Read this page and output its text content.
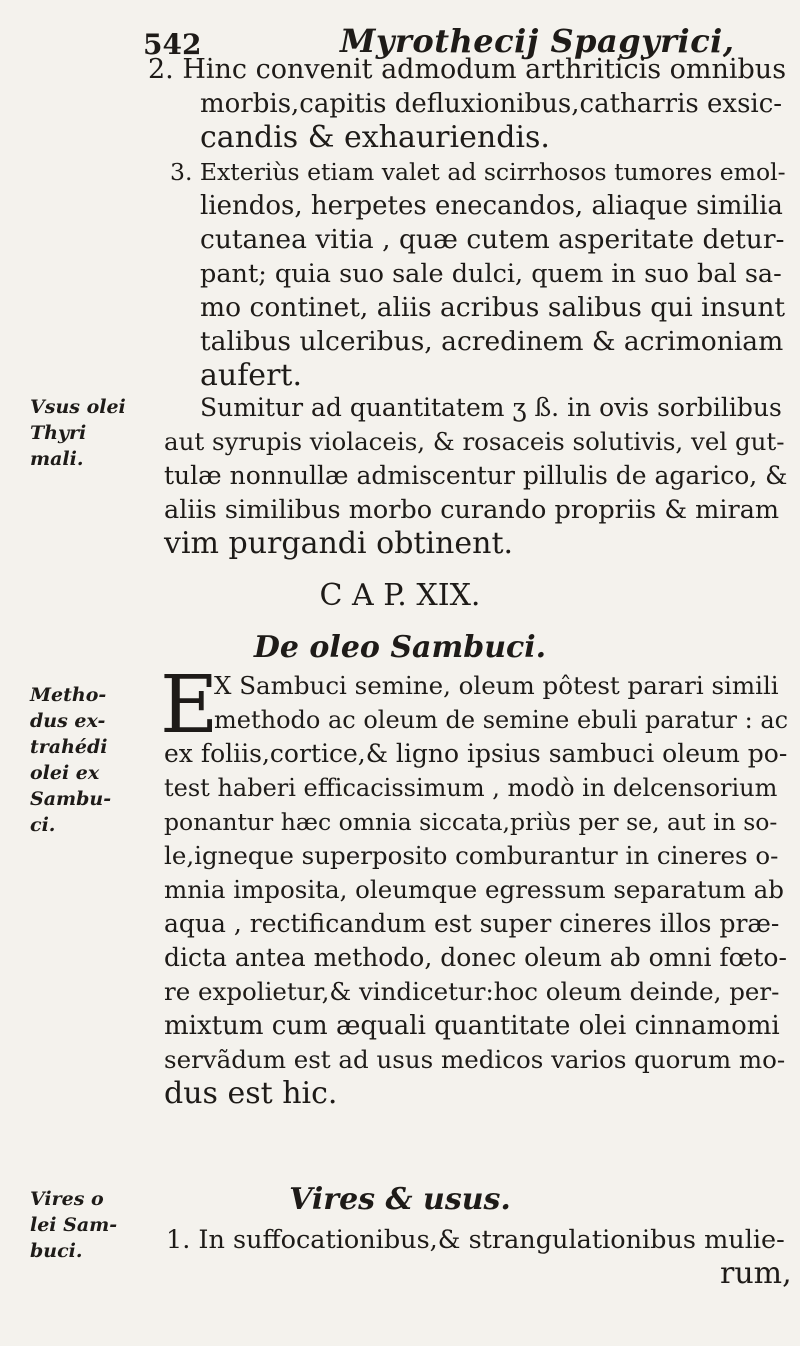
542	Myrothecij Spagyrici,
Vsus olei
Thyri
mali.
Metho-
dus ex-
trahédi
olei ex
Sambu-
ci.
Vires o
lei Sam-
buci.
2. Hinc convenit admodum arthriticis omnibus
morbis,capitis defluxionibus,catharris exsic-
candis & exhauriendis.
3. Exteriùs etiam valet ad scirrhosos tumores emol-
liendos, herpetes enecandos, aliaque similia
cutanea vitia , quæ cutem asperitate detur-
pant; quia suo sale dulci, quem in suo bal sa-
mo continet, aliis acribus salibus qui insunt
talibus ulceribus, acredinem & acrimoniam
aufert.
Sumitur ad quantitatem ʒ ß. in ovis sorbilibus
aut syrupis violaceis, & rosaceis solutivis, vel gut-
tulæ nonnullæ admiscentur pillulis de agarico, &
aliis similibus morbo curando propriis & miram
vim purgandi obtinent.
C A P. XIX.
De oleo Sambuci.
E
X Sambuci semine, oleum pôtest parari simili
methodo ac oleum de semine ebuli paratur : ac
ex foliis,cortice,& ligno ipsius sambuci oleum po-
test haberi efficacissimum , modò in delcensorium
ponantur hæc omnia siccata,priùs per se, aut in so-
le,igneque superposito comburantur in cineres o-
mnia imposita, oleumque egressum separatum ab
aqua , rectificandum est super cineres illos præ-
dicta antea methodo, donec oleum ab omni fœto-
re expolietur,& vindicetur:hoc oleum deinde, per-
mixtum cum æquali quantitate olei cinnamomi
servãdum est ad usus medicos varios quorum mo-
dus est hic.
Vires & usus.
1. In suffocationibus,& strangulationibus mulie-
rum,
